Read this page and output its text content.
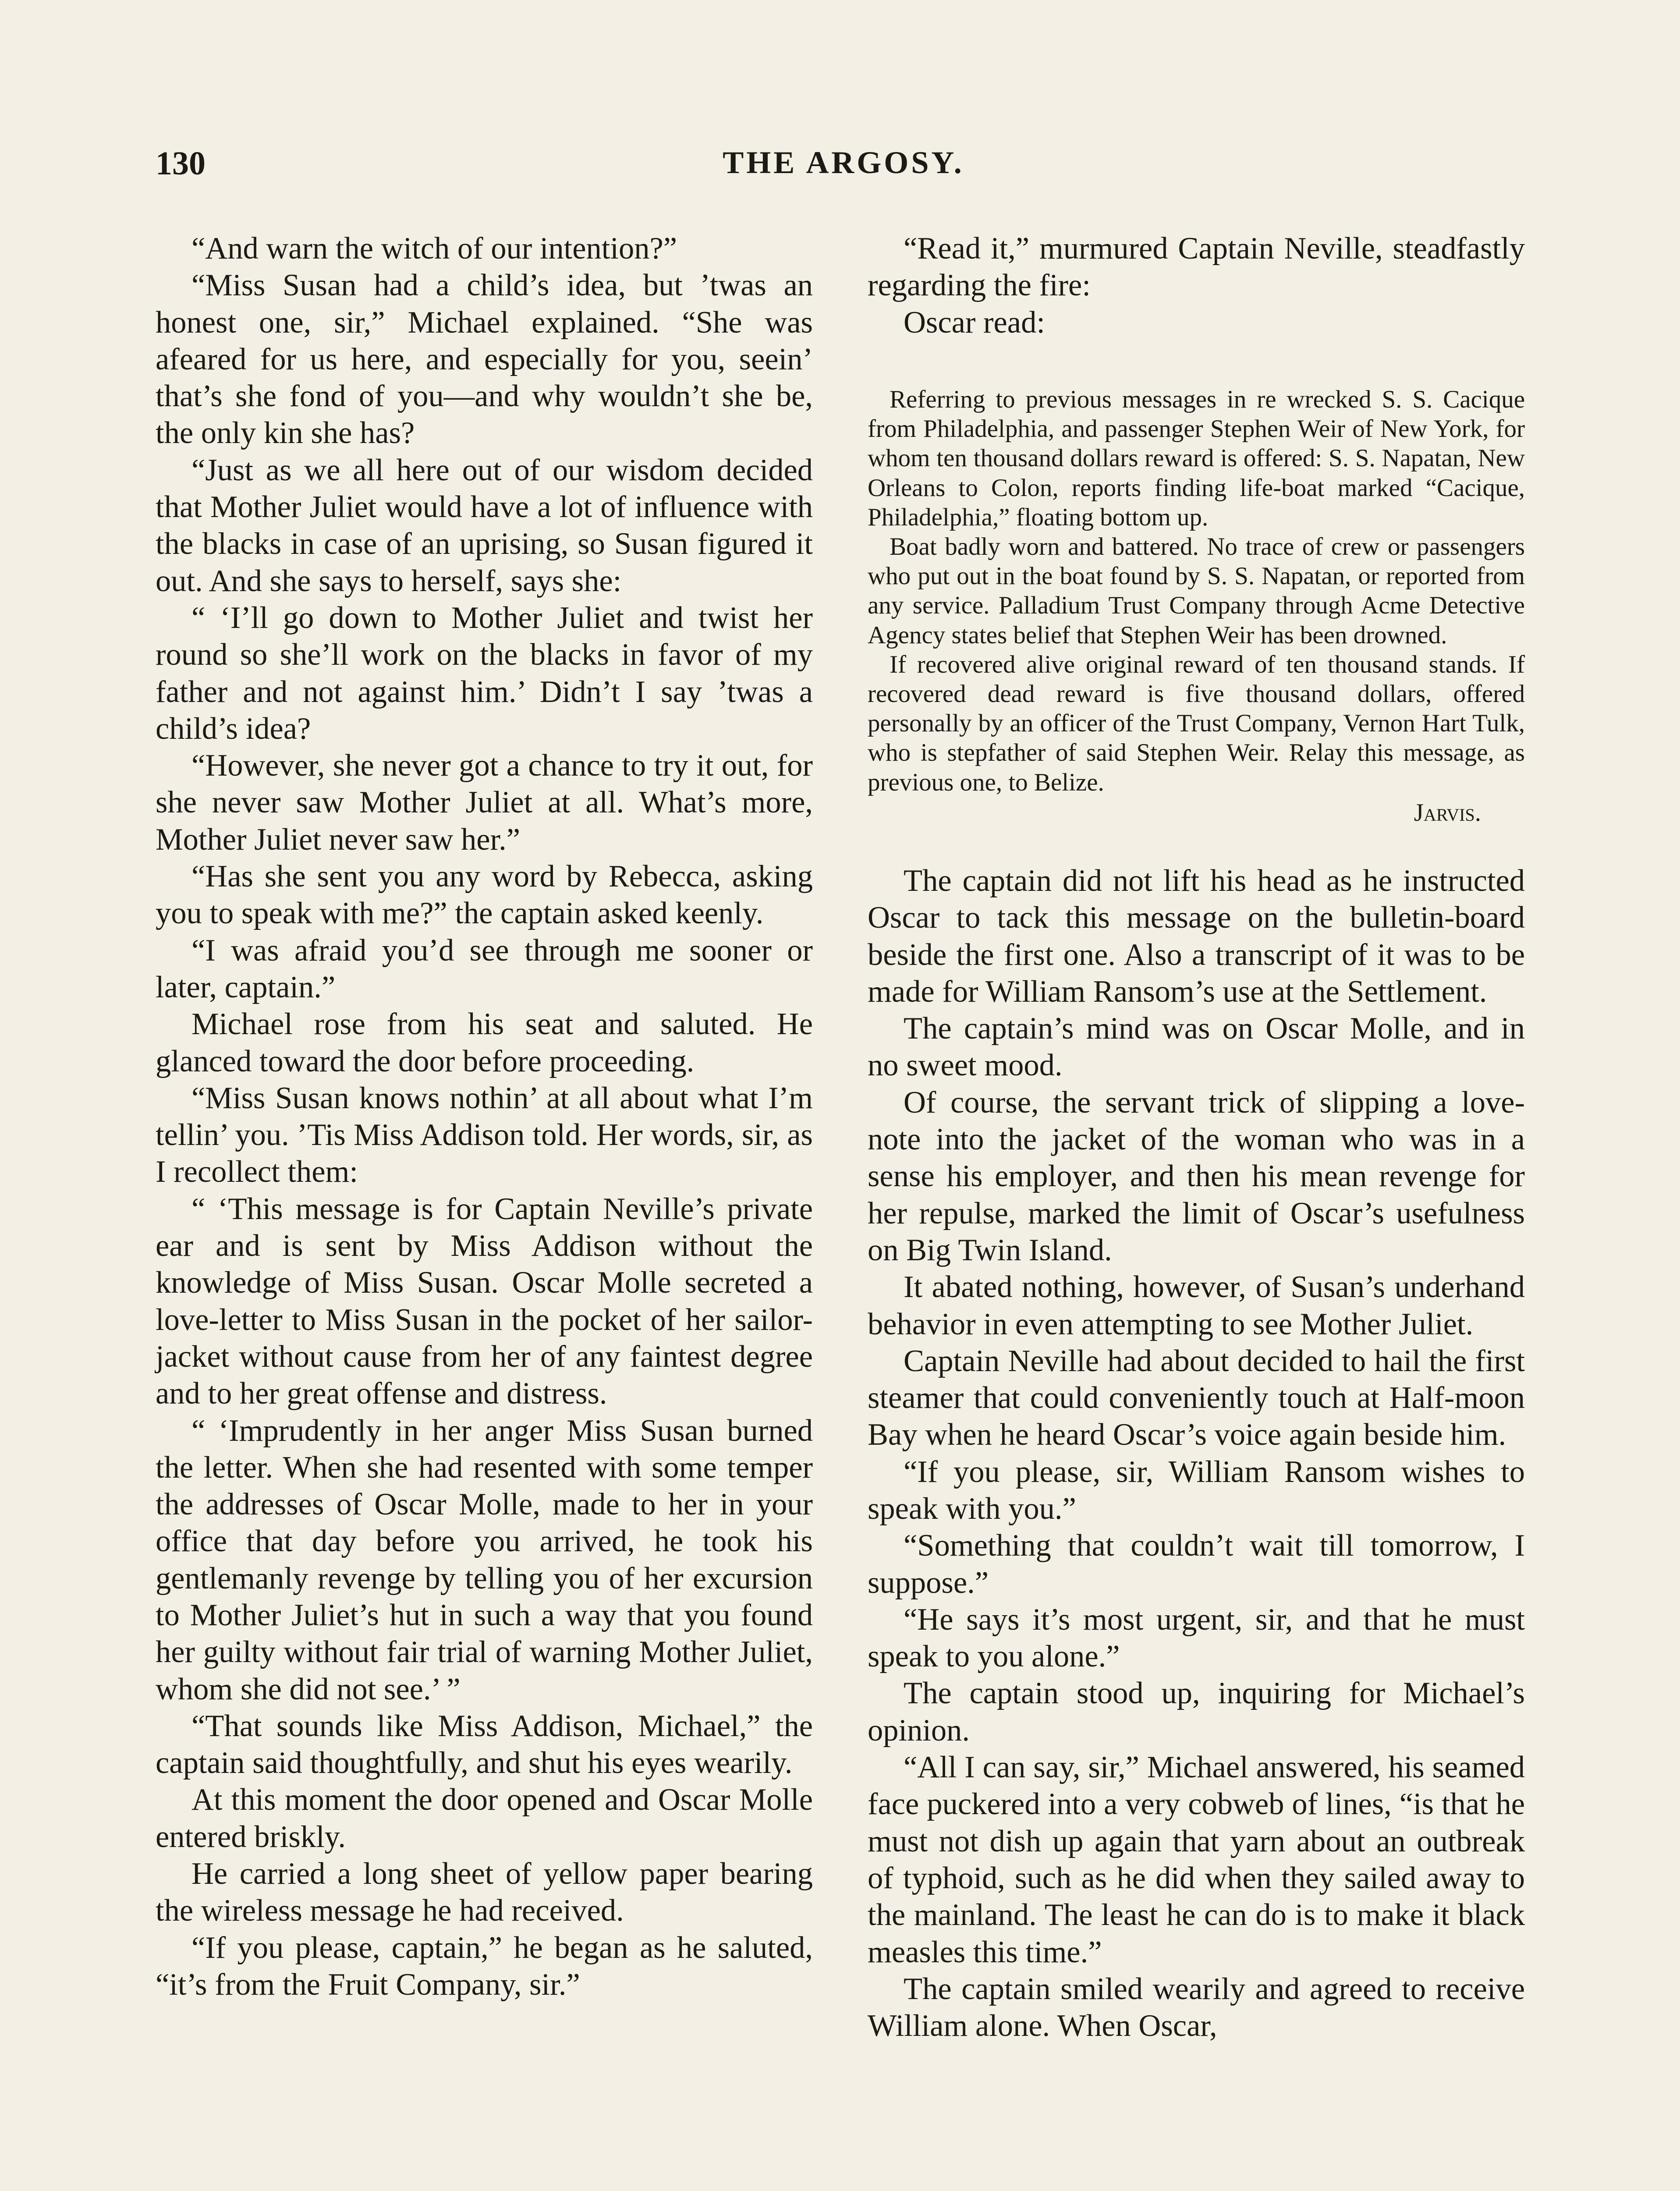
130	THE ARGOSY.

“And warn the witch of our intention?”

“Miss Susan had a child’s idea, but ’twas an honest one, sir,” Michael explained. “She was afeared for us here, and especially for you, seein’ that’s she fond of you—and why wouldn’t she be, the only kin she has?

“Just as we all here out of our wisdom decided that Mother Juliet would have a lot of influence with the blacks in case of an uprising, so Susan figured it out. And she says to herself, says she:

“ ‘I’ll go down to Mother Juliet and twist her round so she’ll work on the blacks in favor of my father and not against him.’ Didn’t I say ’twas a child’s idea?

“However, she never got a chance to try it out, for she never saw Mother Juliet at all. What’s more, Mother Juliet never saw her.”

“Has she sent you any word by Rebecca, asking you to speak with me?” the captain asked keenly.

“I was afraid you’d see through me sooner or later, captain.”

Michael rose from his seat and saluted. He glanced toward the door before proceeding.

“Miss Susan knows nothin’ at all about what I’m tellin’ you. ’Tis Miss Addison told. Her words, sir, as I recollect them:

“ ‘This message is for Captain Neville’s private ear and is sent by Miss Addison without the knowledge of Miss Susan. Oscar Molle secreted a love-letter to Miss Susan in the pocket of her sailor-jacket without cause from her of any faintest degree and to her great offense and distress.

“ ‘Imprudently in her anger Miss Susan burned the letter. When she had resented with some temper the addresses of Oscar Molle, made to her in your office that day before you arrived, he took his gentlemanly revenge by telling you of her excursion to Mother Juliet’s hut in such a way that you found her guilty without fair trial of warning Mother Juliet, whom she did not see.’ ”

“That sounds like Miss Addison, Michael,” the captain said thoughtfully, and shut his eyes wearily.

At this moment the door opened and Oscar Molle entered briskly.

He carried a long sheet of yellow paper bearing the wireless message he had received.

“If you please, captain,” he began as he saluted, “it’s from the Fruit Company, sir.”

“Read it,” murmured Captain Neville, steadfastly regarding the fire:

Oscar read:

Referring to previous messages in re wrecked S. S. Cacique from Philadelphia, and passenger Stephen Weir of New York, for whom ten thousand dollars reward is offered: S. S. Napatan, New Orleans to Colon, reports finding life-boat marked “Cacique, Philadelphia,” floating bottom up.

Boat badly worn and battered. No trace of crew or passengers who put out in the boat found by S. S. Napatan, or reported from any service. Palladium Trust Company through Acme Detective Agency states belief that Stephen Weir has been drowned.

If recovered alive original reward of ten thousand stands. If recovered dead reward is five thousand dollars, offered personally by an officer of the Trust Company, Vernon Hart Tulk, who is stepfather of said Stephen Weir. Relay this message, as previous one, to Belize.

Jarvis.

The captain did not lift his head as he instructed Oscar to tack this message on the bulletin-board beside the first one. Also a transcript of it was to be made for William Ransom’s use at the Settlement.

The captain’s mind was on Oscar Molle, and in no sweet mood.

Of course, the servant trick of slipping a love-note into the jacket of the woman who was in a sense his employer, and then his mean revenge for her repulse, marked the limit of Oscar’s usefulness on Big Twin Island.

It abated nothing, however, of Susan’s underhand behavior in even attempting to see Mother Juliet.

Captain Neville had about decided to hail the first steamer that could conveniently touch at Half-moon Bay when he heard Oscar’s voice again beside him.

“If you please, sir, William Ransom wishes to speak with you.”

“Something that couldn’t wait till tomorrow, I suppose.”

“He says it’s most urgent, sir, and that he must speak to you alone.”

The captain stood up, inquiring for Michael’s opinion.

“All I can say, sir,” Michael answered, his seamed face puckered into a very cobweb of lines, “is that he must not dish up again that yarn about an outbreak of typhoid, such as he did when they sailed away to the mainland. The least he can do is to make it black measles this time.”

The captain smiled wearily and agreed to receive William alone. When Oscar,
